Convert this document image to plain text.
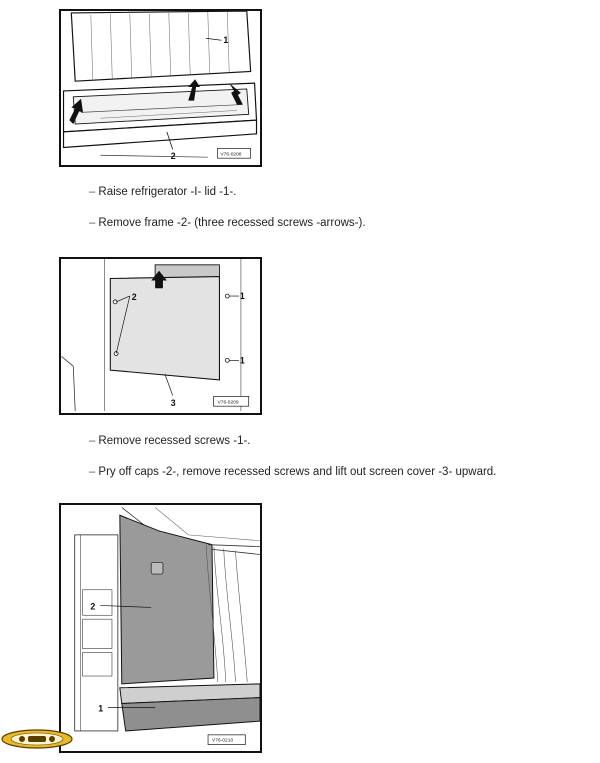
1
2	V76-0208
– Raise refrigerator -I- lid -1-.
– Remove frame -2- (three recessed screws -arrows-).
2	1
1
3	V76-0209
– Remove recessed screws -1-.
– Pry off caps -2-, remove recessed screws and lift out screen cover -3- upward.
2
1
V76-0210
